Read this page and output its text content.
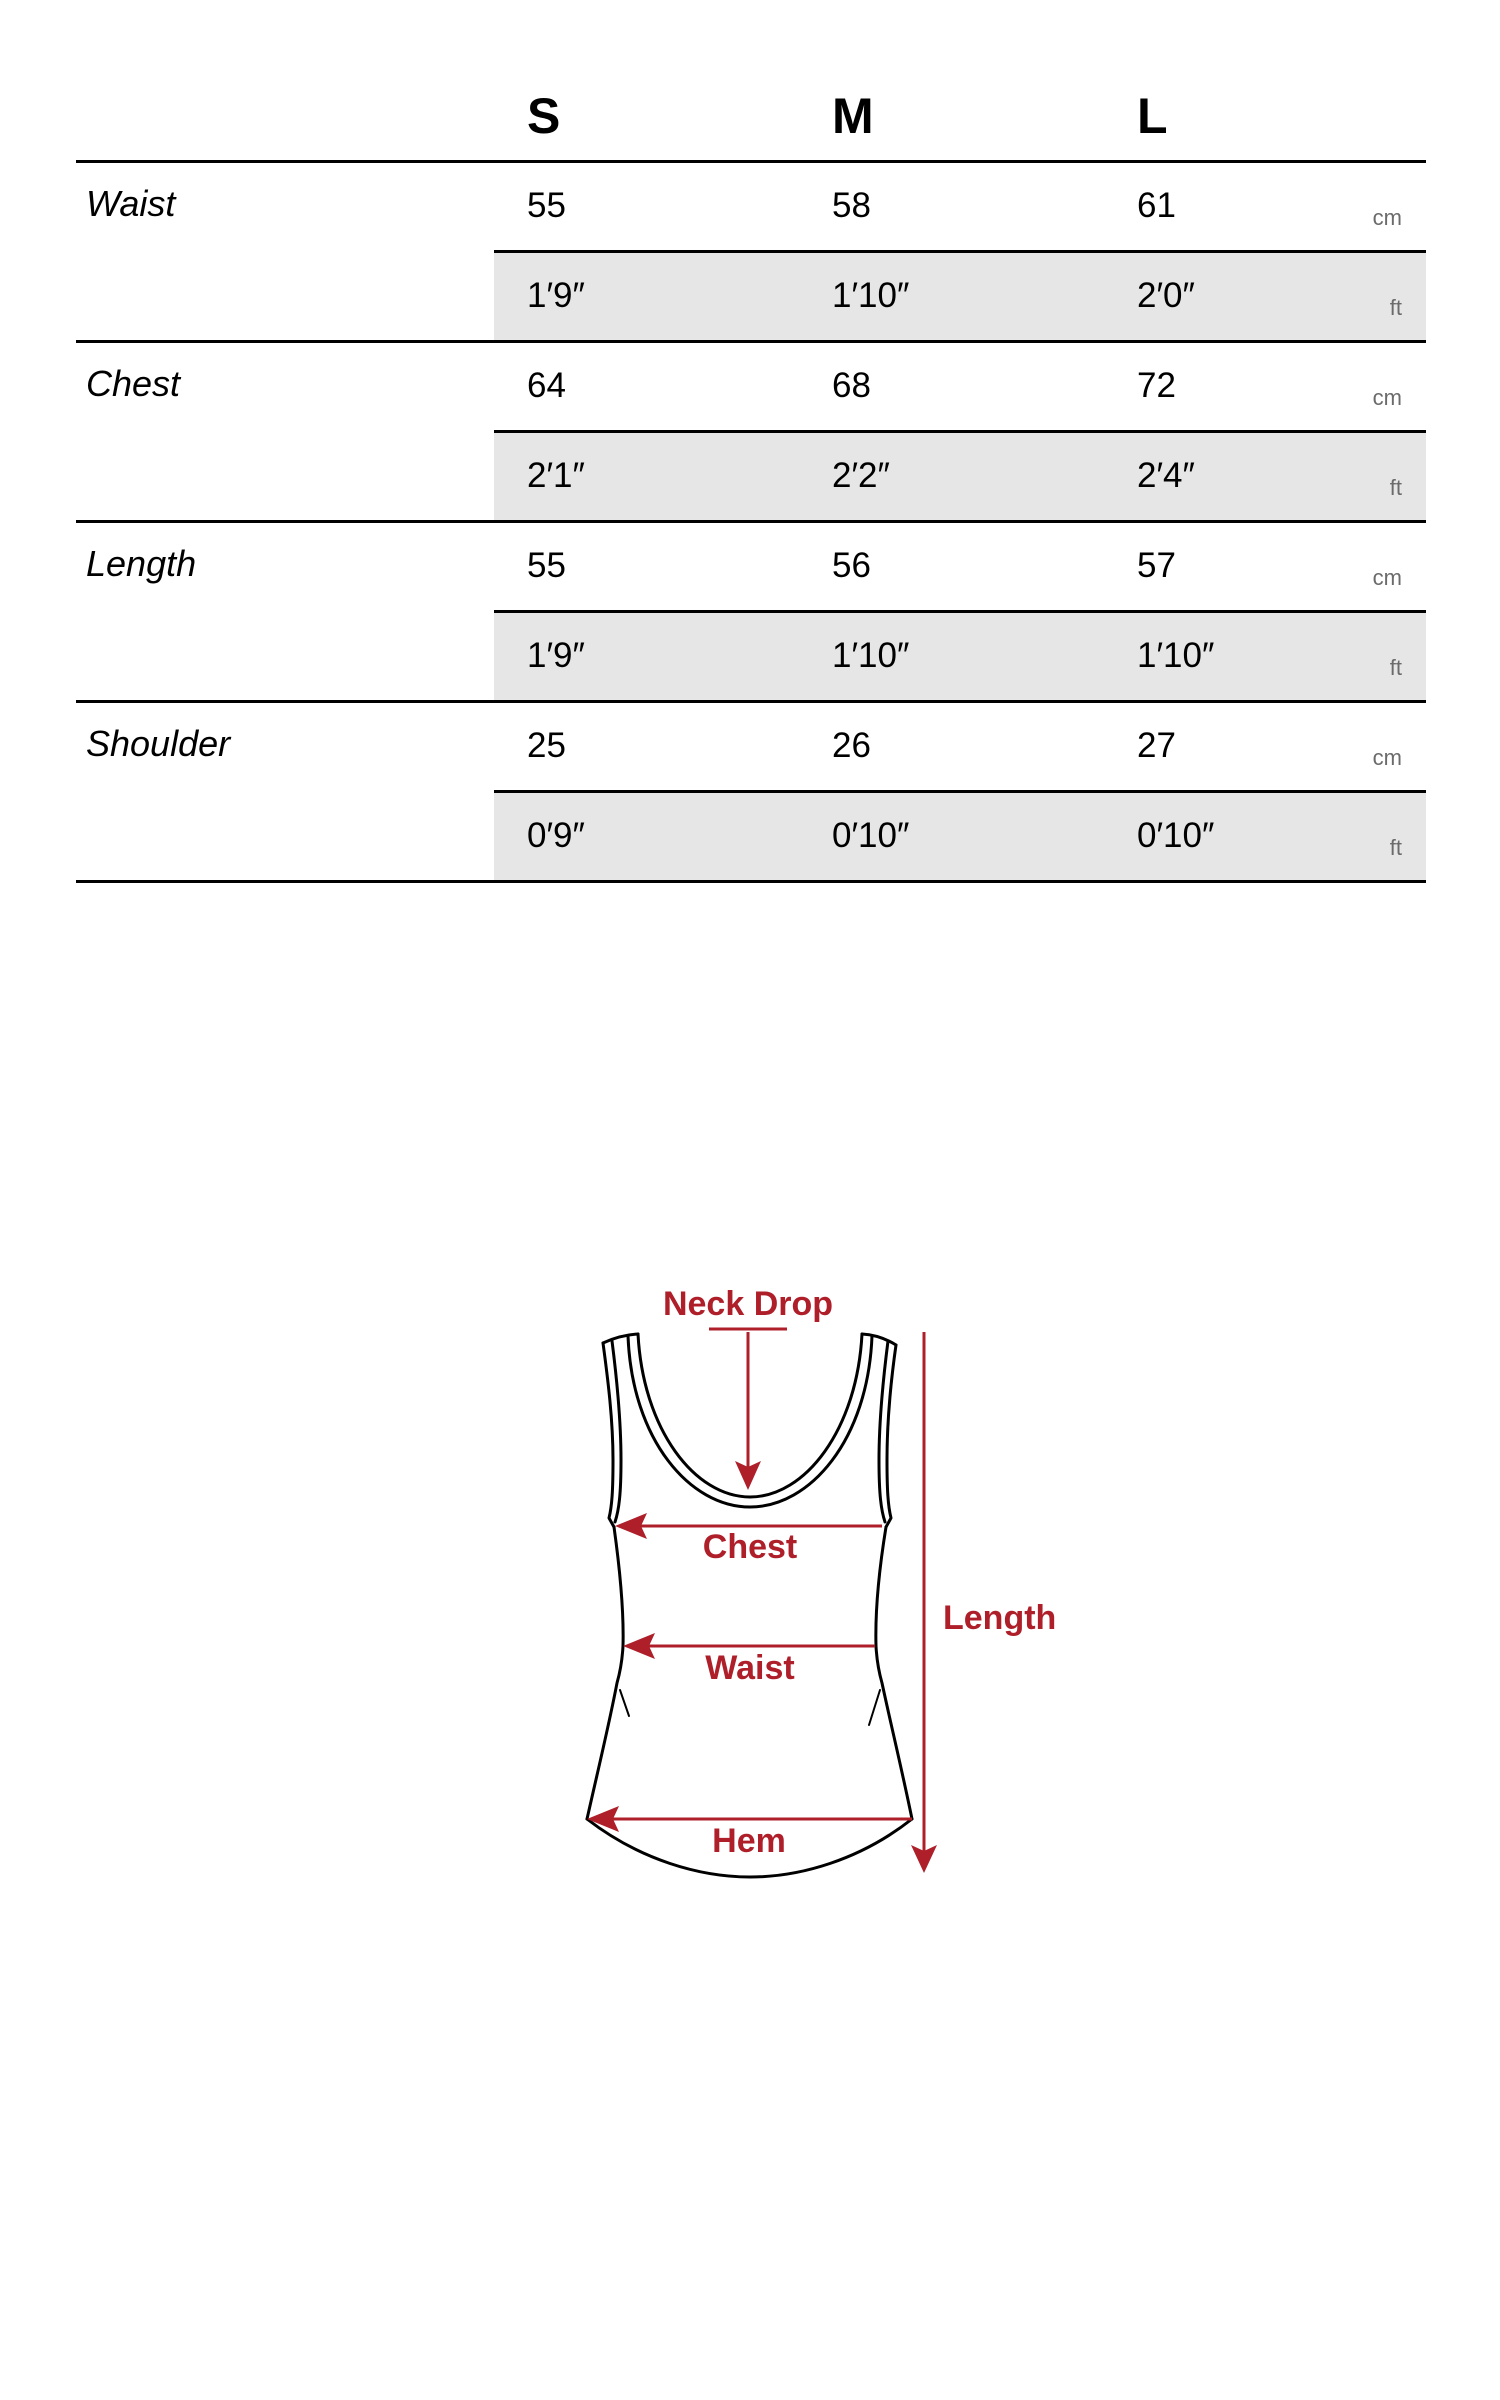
S	M	L
Waist	55	58	61	cm
1′9″	1′10″	2′0″	ft
Chest	64	68	72	cm
2′1″	2′2″	2′4″	ft
Length	55	56	57	cm
1′9″	1′10″	1′10″	ft
Shoulder	25	26	27	cm
0′9″	0′10″	0′10″	ft
Neck Drop
Chest
Waist
Hem
Length
